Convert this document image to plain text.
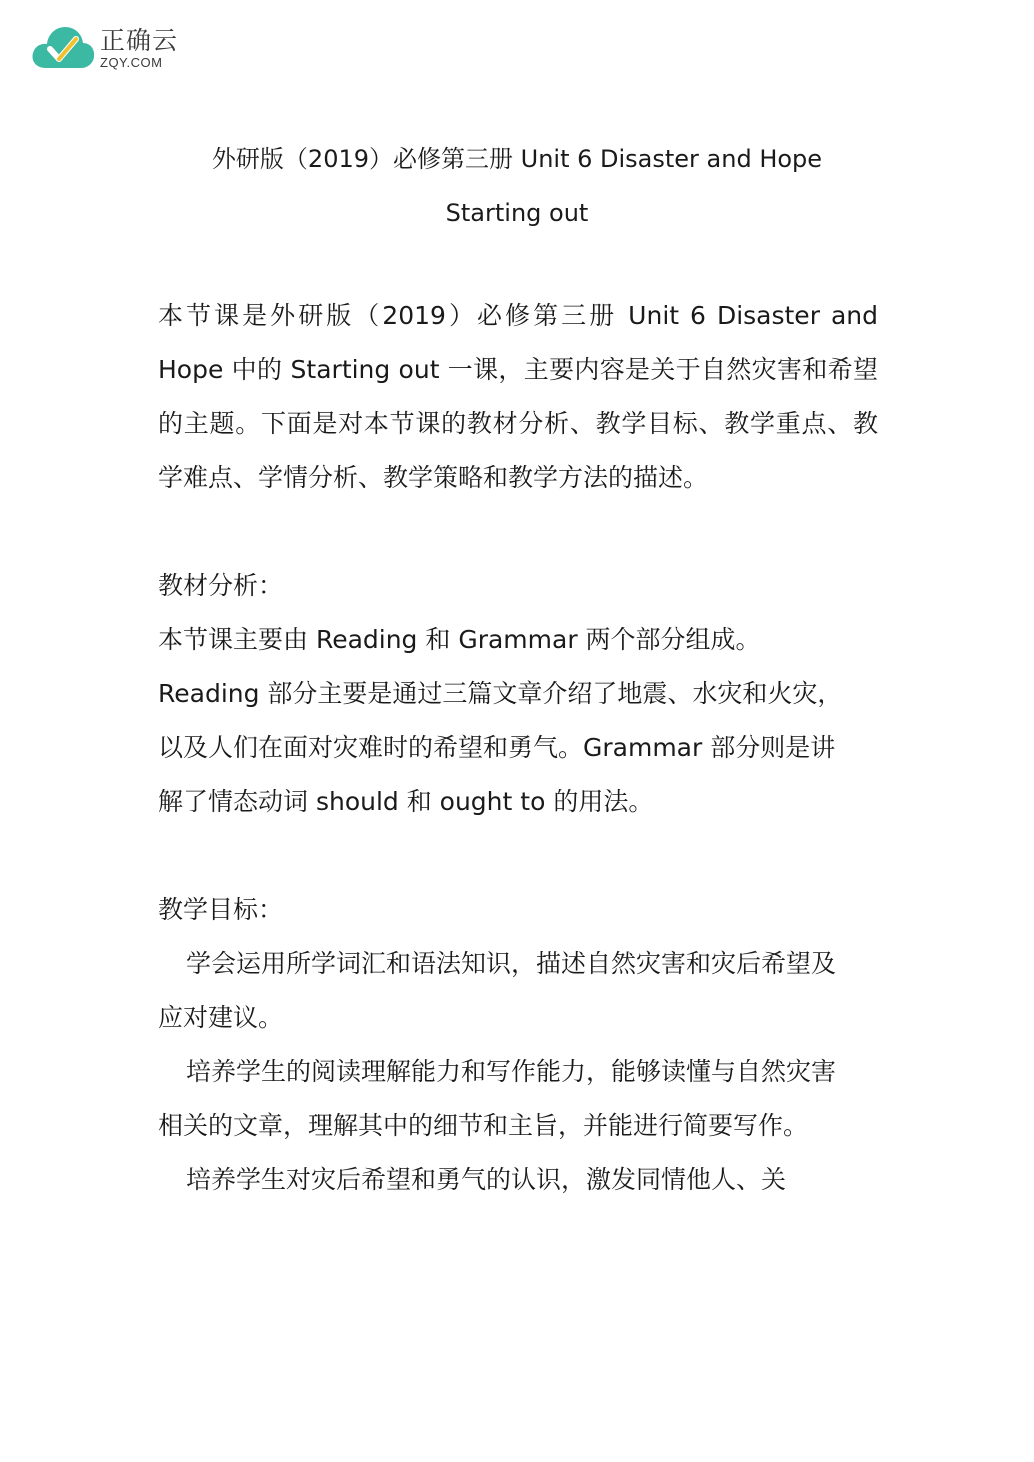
正确云
ZQY.COM
外研版（2019）必修第三册 Unit 6 Disaster and Hope
Starting out

本节课是外研版（2019）必修第三册 Unit 6 Disaster and Hope 中的 Starting out 一课，主要内容是关于自然灾害和希望的主题。下面是对本节课的教材分析、教学目标、教学重点、教学难点、学情分析、教学策略和教学方法的描述。

教材分析：

本节课主要由 Reading 和 Grammar 两个部分组成。Reading 部分主要是通过三篇文章介绍了地震、水灾和火灾，以及人们在面对灾难时的希望和勇气。Grammar 部分则是讲解了情态动词 should 和 ought to 的用法。

教学目标：

学会运用所学词汇和语法知识，描述自然灾害和灾后希望及应对建议。

培养学生的阅读理解能力和写作能力，能够读懂与自然灾害相关的文章，理解其中的细节和主旨，并能进行简要写作。

培养学生对灾后希望和勇气的认识，激发同情他人、关
